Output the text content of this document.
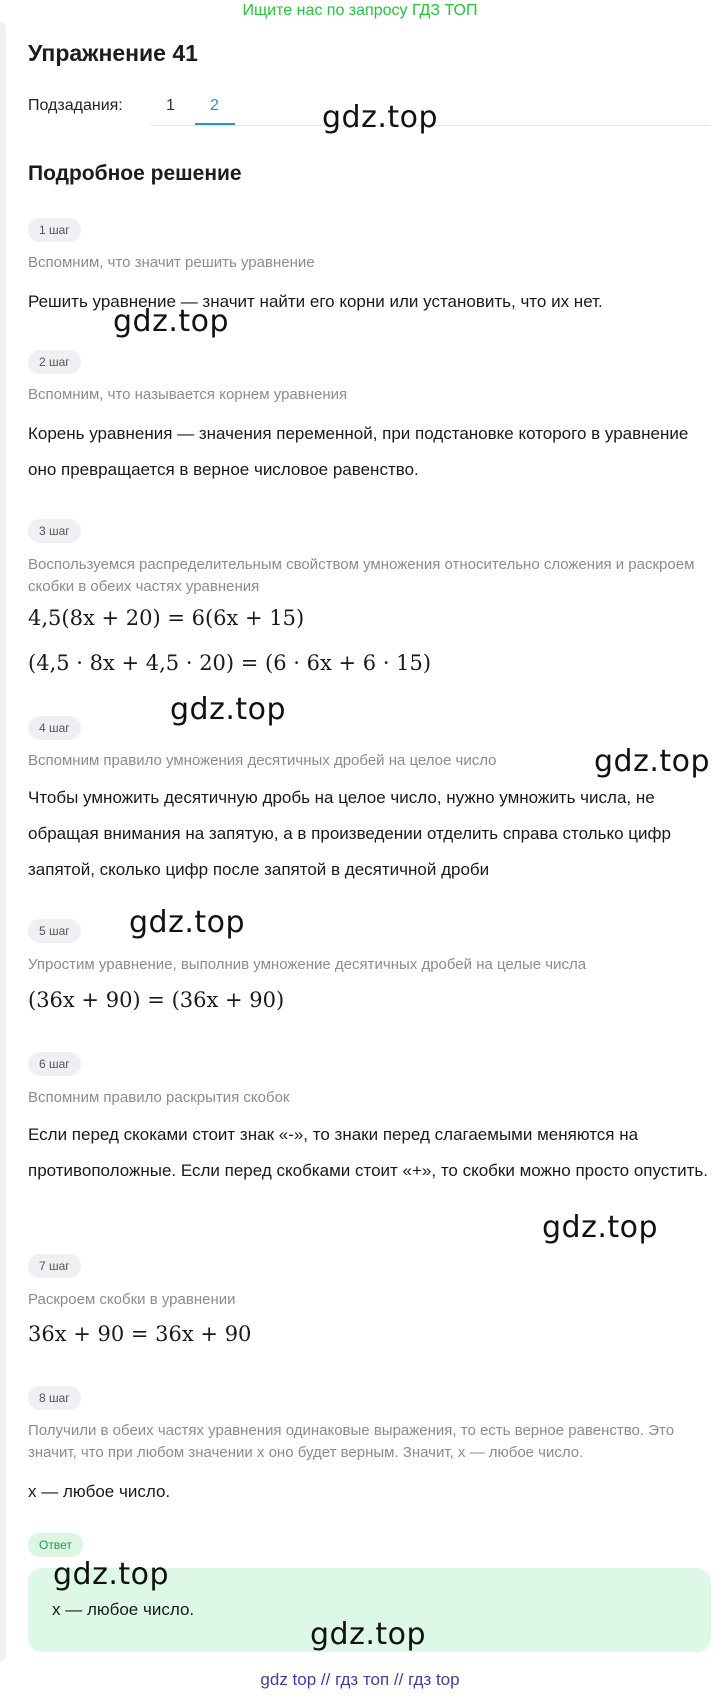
Ищите нас по запросу ГДЗ ТОП
Упражнение 41
Подзадания:	1 2
Подробное решение
1 шаг
Вспомним, что значит решить уравнение
Решить уравнение — значит найти его корни или установить, что их нет.
2 шаг
Вспомним, что называется корнем уравнения
Корень уравнения — значения переменной, при подстановке которого в уравнение оно превращается в верное числовое равенство.
3 шаг
Воспользуемся распределительным свойством умножения относительно сложения и раскроем скобки в обеих частях уравнения
4,5(8x + 20) = 6(6x + 15)
(4,5 · 8x + 4,5 · 20) = (6 · 6x + 6 · 15)
4 шаг
Вспомним правило умножения десятичных дробей на целое число
Чтобы умножить десятичную дробь на целое число, нужно умножить числа, не обращая внимания на запятую, а в произведении отделить справа столько цифр запятой, сколько цифр после запятой в десятичной дроби
5 шаг
Упростим уравнение, выполнив умножение десятичных дробей на целые числа
(36x + 90) = (36x + 90)
6 шаг
Вспомним правило раскрытия скобок
Если перед скоками стоит знак «-», то знаки перед слагаемыми меняются на противоположные. Если перед скобками стоит «+», то скобки можно просто опустить.
7 шаг
Раскроем скобки в уравнении
36x + 90 = 36x + 90
8 шаг
Получили в обеих частях уравнения одинаковые выражения, то есть верное равенство. Это значит, что при любом значении x оно будет верным. Значит, x — любое число.
x — любое число.
Ответ
x — любое число.
gdz.top
gdz.top
gdz.top
gdz.top
gdz.top
gdz.top
gdz.top
gdz.top
gdz top // гдз топ // гдз top
